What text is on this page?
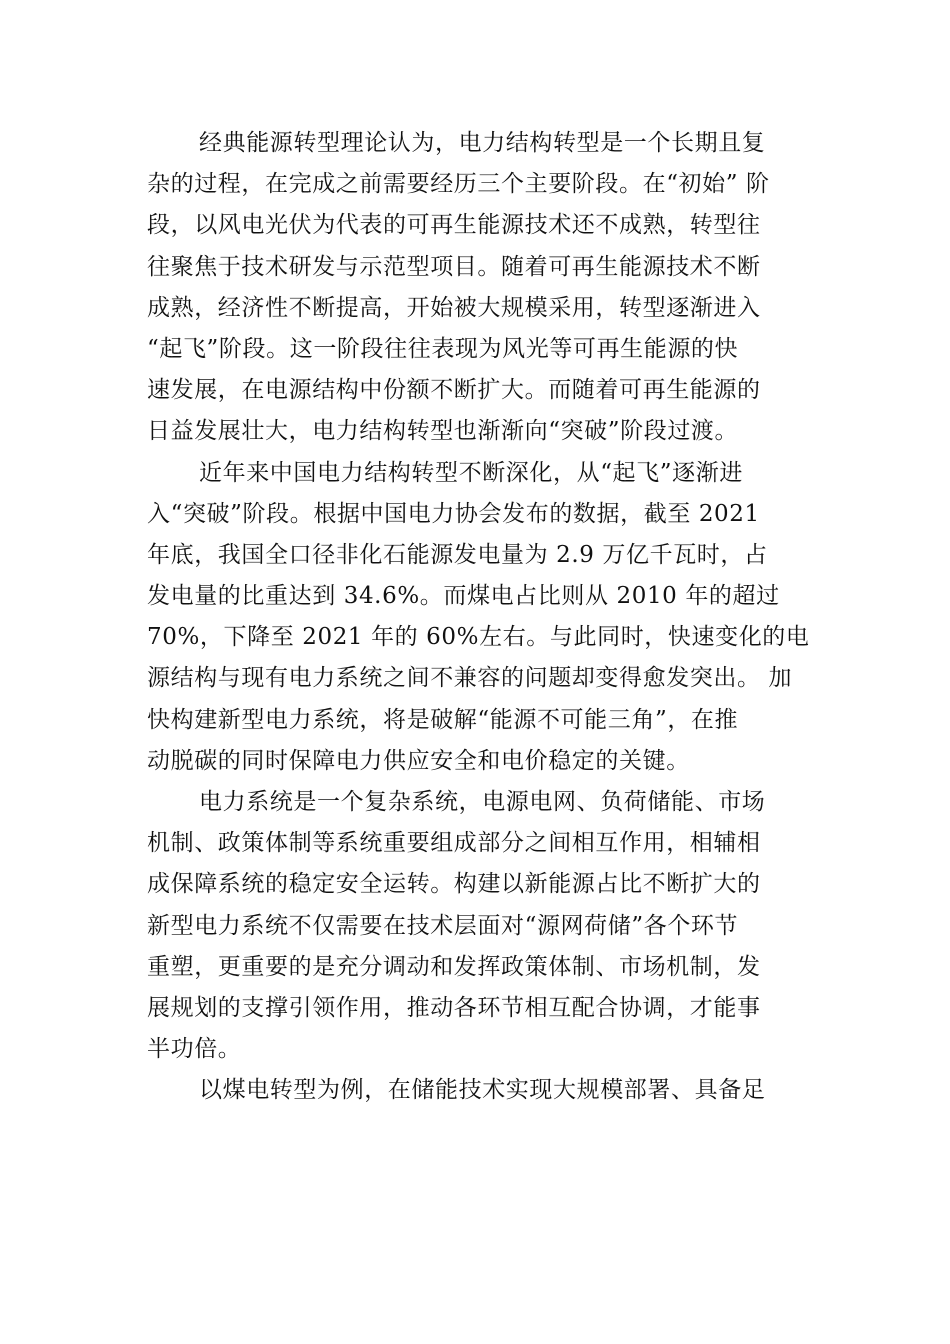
经典能源转型理论认为，电力结构转型是一个长期且复
杂的过程，在完成之前需要经历三个主要阶段。在“初始” 阶
段，以风电光伏为代表的可再生能源技术还不成熟，转型往
往聚焦于技术研发与示范型项目。随着可再生能源技术不断
成熟，经济性不断提高，开始被大规模采用，转型逐渐进入
“起飞”阶段。这一阶段往往表现为风光等可再生能源的快
速发展，在电源结构中份额不断扩大。而随着可再生能源的
日益发展壮大，电力结构转型也渐渐向“突破”阶段过渡。
近年来中国电力结构转型不断深化，从“起飞”逐渐进
入“突破”阶段。根据中国电力协会发布的数据，截至 2021
年底，我国全口径非化石能源发电量为 2.9 万亿千瓦时，占
发电量的比重达到 34.6%。而煤电占比则从 2010 年的超过
70%，下降至 2021 年的 60%左右。与此同时，快速变化的电
源结构与现有电力系统之间不兼容的问题却变得愈发突出。 加
快构建新型电力系统，将是破解“能源不可能三角”，在推
动脱碳的同时保障电力供应安全和电价稳定的关键。
电力系统是一个复杂系统，电源电网、负荷储能、市场
机制、政策体制等系统重要组成部分之间相互作用，相辅相
成保障系统的稳定安全运转。构建以新能源占比不断扩大的
新型电力系统不仅需要在技术层面对“源网荷储”各个环节
重塑，更重要的是充分调动和发挥政策体制、市场机制，发
展规划的支撑引领作用，推动各环节相互配合协调，才能事
半功倍。
以煤电转型为例，在储能技术实现大规模部署、具备足
